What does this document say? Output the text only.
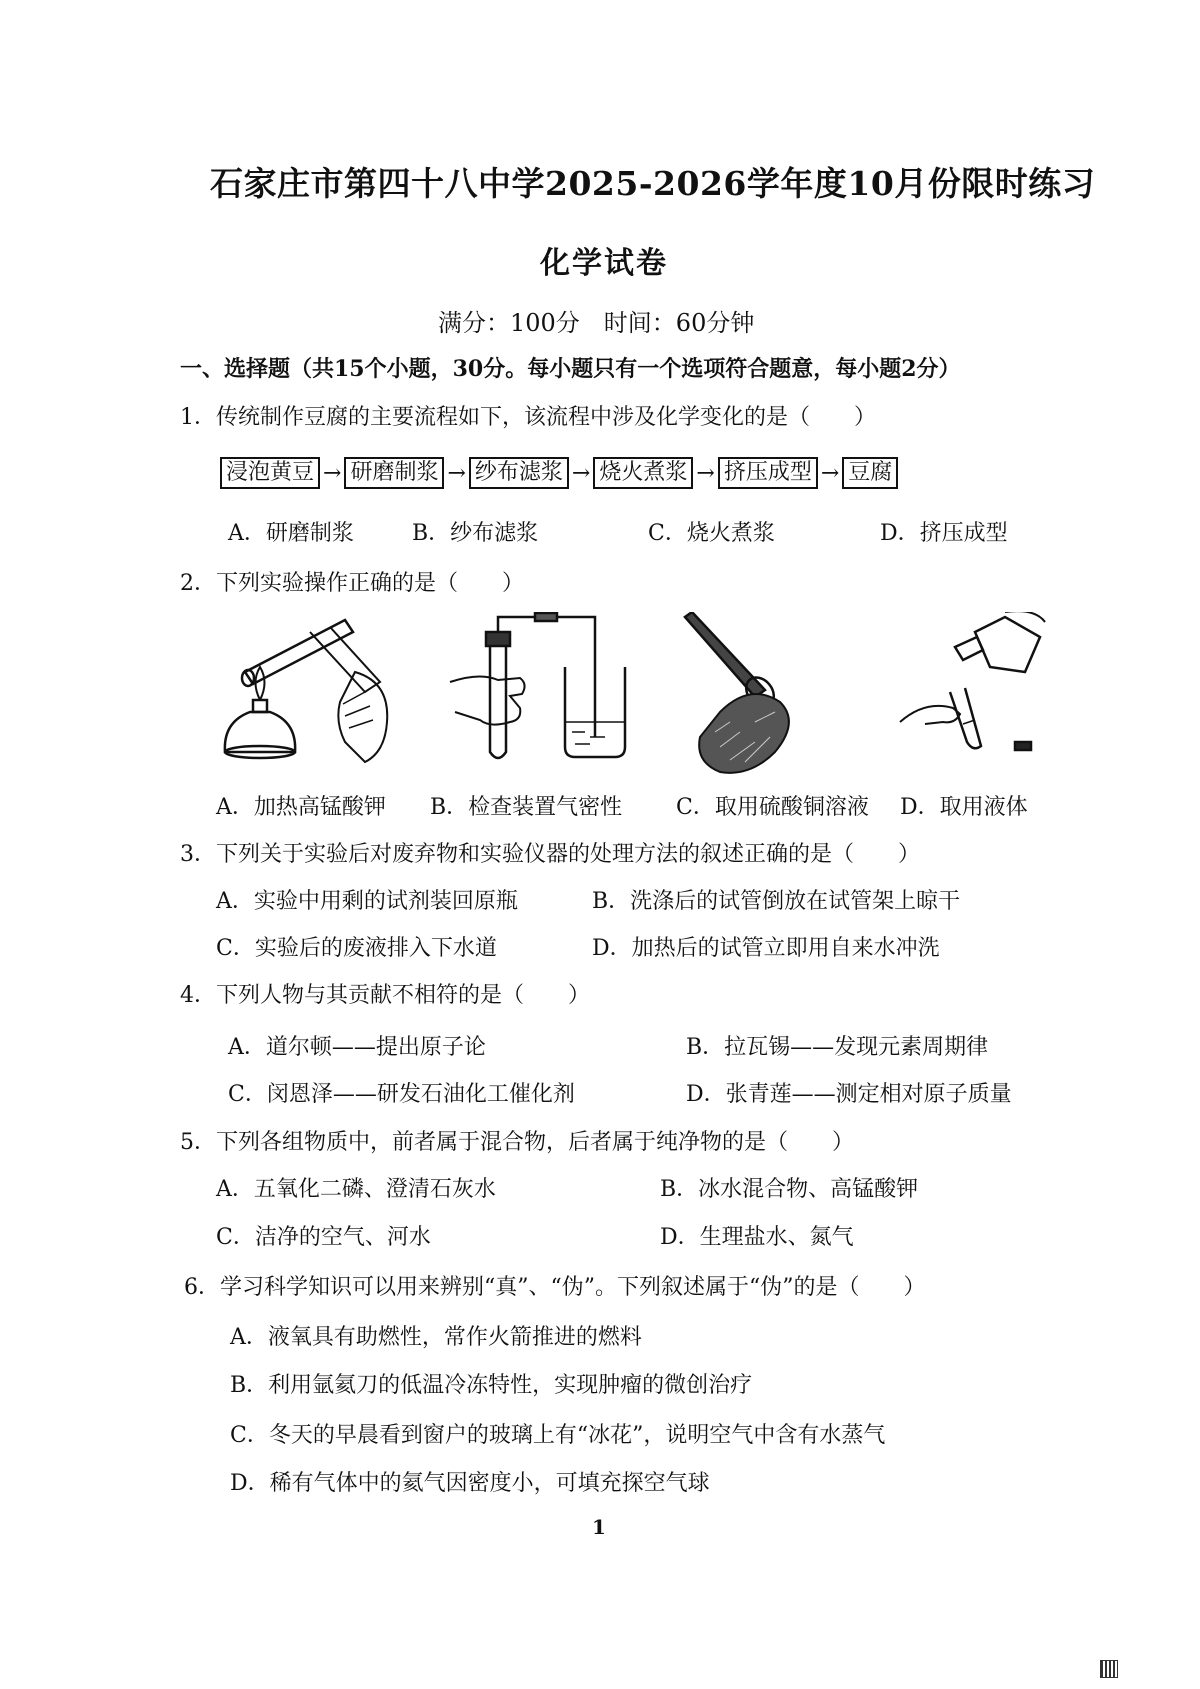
石家庄市第四十八中学2025-2026学年度10月份限时练习
化学试卷
满分：100分　时间：60分钟
一、选择题（共15个小题，30分。每小题只有一个选项符合题意，每小题2分）
1．传统制作豆腐的主要流程如下，该流程中涉及化学变化的是（　　）
浸泡黄豆 → 研磨制浆 → 纱布滤浆 → 烧火煮浆 → 挤压成型 → 豆腐
A．研磨制浆	B．纱布滤浆	C．烧火煮浆	D．挤压成型
2．下列实验操作正确的是（　　）
A．加热高锰酸钾 B．检查装置气密性 C．取用硫酸铜溶液 D．取用液体
3．下列关于实验后对废弃物和实验仪器的处理方法的叙述正确的是（　　）
A．实验中用剩的试剂装回原瓶	B．洗涤后的试管倒放在试管架上晾干
C．实验后的废液排入下水道	D．加热后的试管立即用自来水冲洗
4．下列人物与其贡献不相符的是（　　）
A．道尔顿——提出原子论	B．拉瓦锡——发现元素周期律
C．闵恩泽——研发石油化工催化剂	D．张青莲——测定相对原子质量
5．下列各组物质中，前者属于混合物，后者属于纯净物的是（　　）
A．五氧化二磷、澄清石灰水	B．冰水混合物、高锰酸钾
C．洁净的空气、河水	D．生理盐水、氮气
6．学习科学知识可以用来辨别“真”、“伪”。下列叙述属于“伪”的是（　　）
A．液氧具有助燃性，常作火箭推进的燃料
B．利用氩氦刀的低温冷冻特性，实现肿瘤的微创治疗
C．冬天的早晨看到窗户的玻璃上有“冰花”，说明空气中含有水蒸气
D．稀有气体中的氦气因密度小，可填充探空气球
1
